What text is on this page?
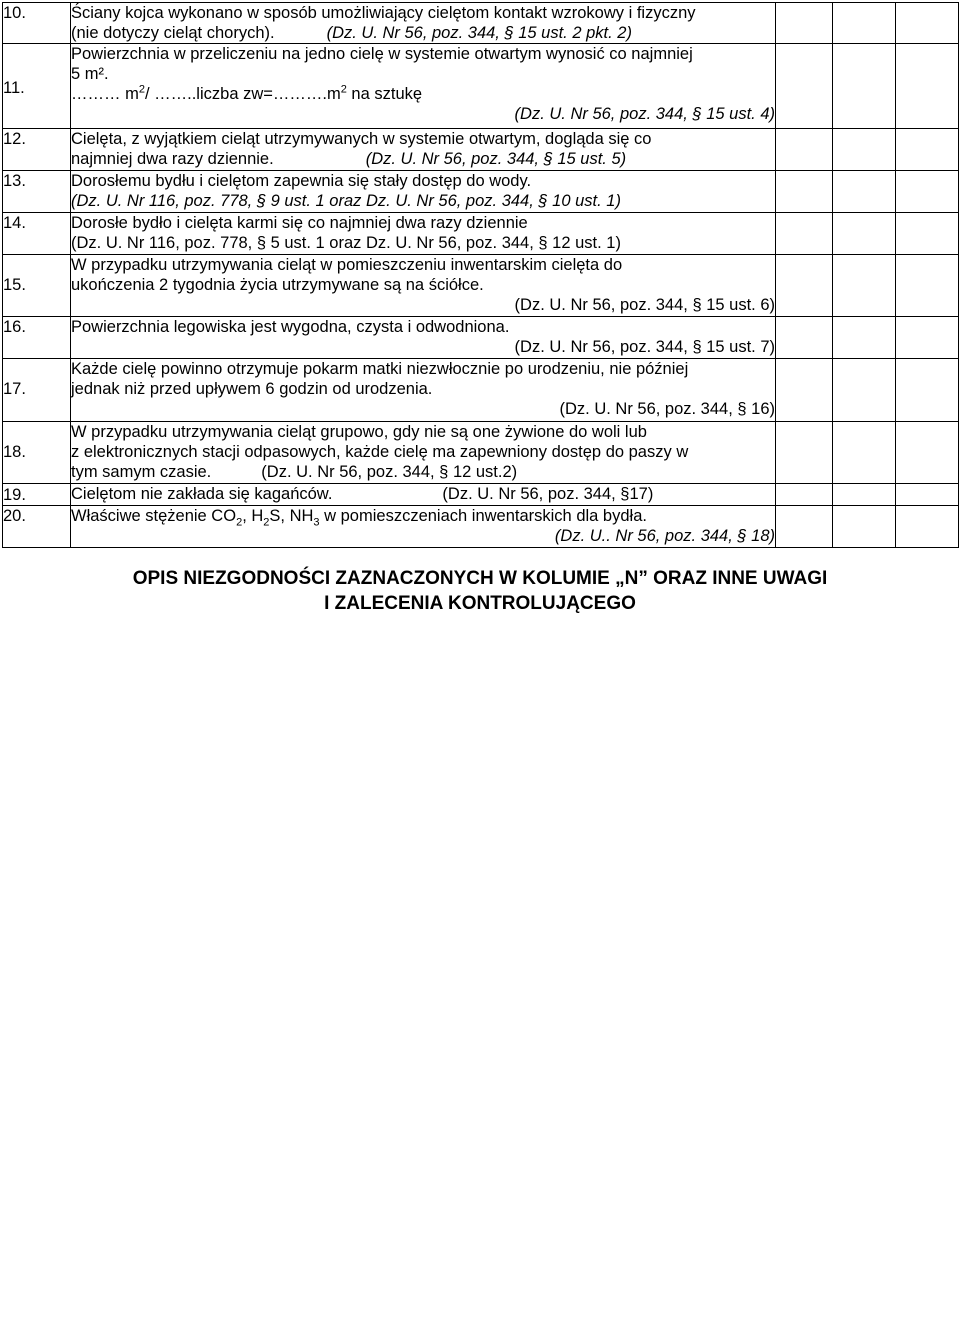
10.	Ściany kojca wykonano w sposób umożliwiający cielętom kontakt wzrokowy i fizyczny
(nie dotyczy cieląt chorych). (Dz. U. Nr 56, poz. 344, § 15 ust. 2 pkt. 2)			

11.	Powierzchnia w przeliczeniu na jedno cielę w systemie otwartym wynosić co najmniej
5 m².
……… $m^2/$ ……..liczba $zw=\dots\dots\dots.m^2$ na sztukę
(Dz. U. Nr 56, poz. 344, § 15 ust. 4)			

12.	Cielęta, z wyjątkiem cieląt utrzymywanych w systemie otwartym, dogląda się co
najmniej dwa razy dziennie. (Dz. U. Nr 56, poz. 344, § 15 ust. 5)			

13.	Dorosłemu bydłu i cielętom zapewnia się stały dostęp do wody.
(Dz. U. Nr 116, poz. 778, § 9 ust. 1 oraz Dz. U. Nr 56, poz. 344, § 10 ust. 1)			

14.	Dorosłe bydło i cielęta karmi się co najmniej dwa razy dziennie
(Dz. U. Nr 116, poz. 778, § 5 ust. 1 oraz Dz. U. Nr 56, poz. 344, § 12 ust. 1)			

15.	W przypadku utrzymywania cieląt w pomieszczeniu inwentarskim cielęta do
ukończenia 2 tygodnia życia utrzymywane są na ściółce.
(Dz. U. Nr 56, poz. 344, § 15 ust. 6)			

16.	Powierzchnia legowiska jest wygodna, czysta i odwodniona.
(Dz. U. Nr 56, poz. 344, § 15 ust. 7)			

17.	Każde cielę powinno otrzymuje pokarm matki niezwłocznie po urodzeniu, nie później
jednak niż przed upływem 6 godzin od urodzenia.
(Dz. U. Nr 56, poz. 344, § 16)			

18.	W przypadku utrzymywania cieląt grupowo, gdy nie są one żywione do woli lub
z elektronicznych stacji odpasowych, każde cielę ma zapewniony dostęp do paszy w
tym samym czasie. (Dz. U. Nr 56, poz. 344, § 12 ust.2)			

19.	Cielętom nie zakłada się kagańców. (Dz. U. Nr 56, poz. 344, §17)			

20.	Właściwe stężenie $CO_2$, $H_2S$, $NH_3$ w pomieszczeniach inwentarskich dla bydła.
(Dz. U.. Nr 56, poz. 344, § 18)			

OPIS NIEZGODNOŚCI ZAZNACZONYCH W KOLUMIE „N” ORAZ INNE UWAGI
I ZALECENIA KONTROLUJĄCEGO
